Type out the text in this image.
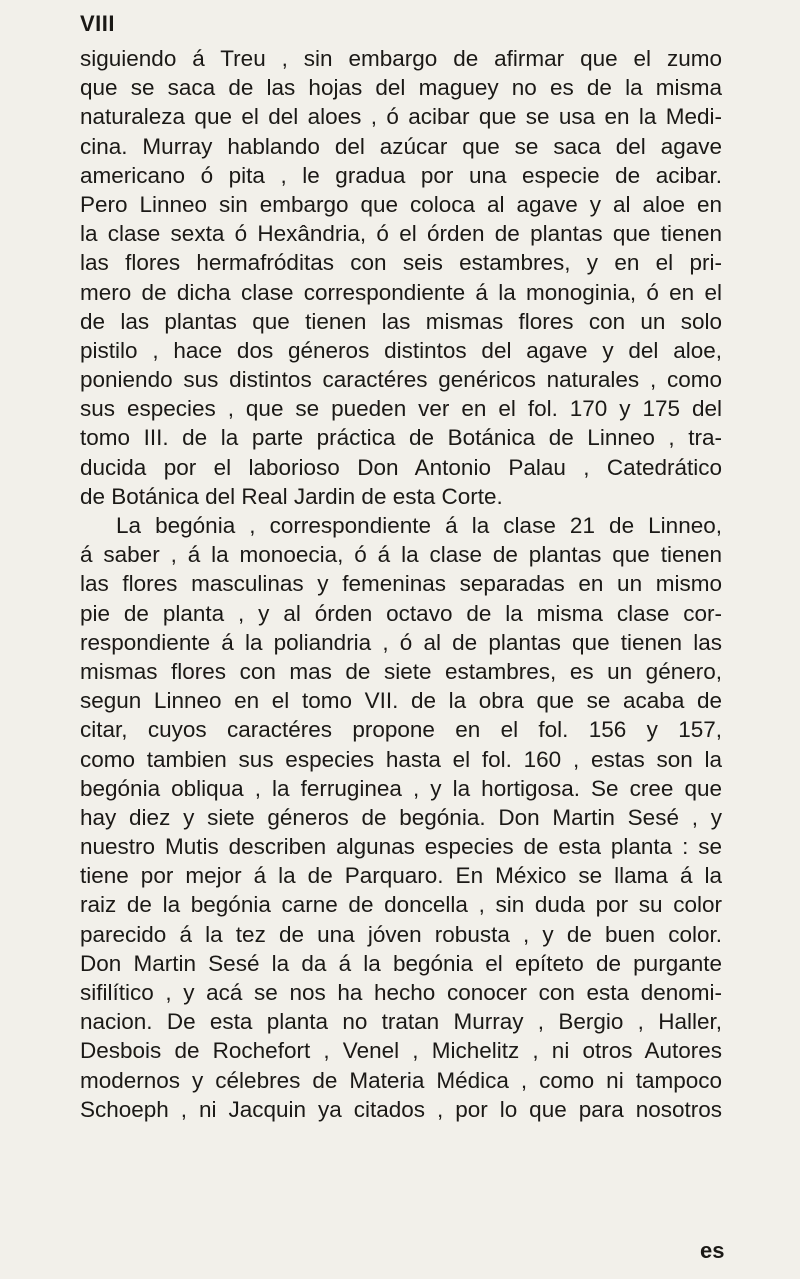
VIII
siguiendo á Treu , sin embargo de afirmar que el zumo
que se saca de las hojas del maguey no es de la misma
naturaleza que el del aloes , ó acibar que se usa en la Medi-
cina. Murray hablando del azúcar que se saca del agave
americano ó pita , le gradua por una especie de acibar.
Pero Linneo sin embargo que coloca al agave y al aloe en
la clase sexta ó Hexândria, ó el órden de plantas que tienen
las flores hermafróditas con seis estambres, y en el pri-
mero de dicha clase correspondiente á la monoginia, ó en el
de las plantas que tienen las mismas flores con un solo
pistilo , hace dos géneros distintos del agave y del aloe,
poniendo sus distintos caractéres genéricos naturales , como
sus especies , que se pueden ver en el fol. 170 y 175 del
tomo III. de la parte práctica de Botánica de Linneo , tra-
ducida por el laborioso Don Antonio Palau , Catedrático
de Botánica del Real Jardin de esta Corte.
La begónia , correspondiente á la clase 21 de Linneo,
á saber , á la monoecia, ó á la clase de plantas que tienen
las flores masculinas y femeninas separadas en un mismo
pie de planta , y al órden octavo de la misma clase cor-
respondiente á la poliandria , ó al de plantas que tienen las
mismas flores con mas de siete estambres, es un género,
segun Linneo en el tomo VII. de la obra que se acaba de
citar, cuyos caractéres propone en el fol. 156 y 157,
como tambien sus especies hasta el fol. 160 , estas son la
begónia obliqua , la ferruginea , y la hortigosa. Se cree que
hay diez y siete géneros de begónia. Don Martin Sesé , y
nuestro Mutis describen algunas especies de esta planta : se
tiene por mejor á la de Parquaro. En México se llama á la
raiz de la begónia carne de doncella , sin duda por su color
parecido á la tez de una jóven robusta , y de buen color.
Don Martin Sesé la da á la begónia el epíteto de purgante
sifilítico , y acá se nos ha hecho conocer con esta denomi-
nacion. De esta planta no tratan Murray , Bergio , Haller,
Desbois de Rochefort , Venel , Michelitz , ni otros Autores
modernos y célebres de Materia Médica , como ni tampoco
Schoeph , ni Jacquin ya citados , por lo que para nosotros
es
